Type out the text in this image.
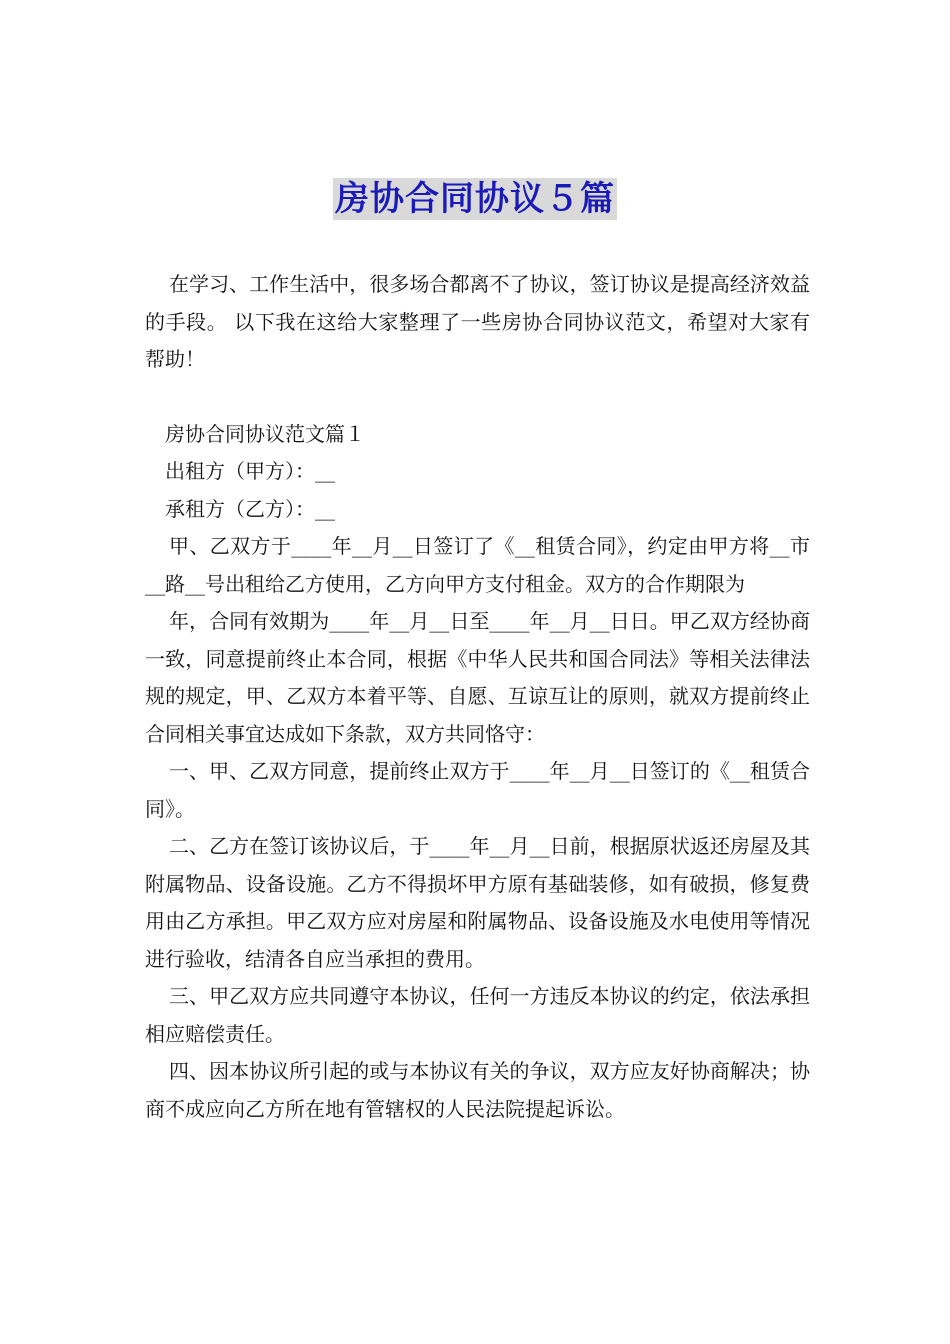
房协合同协议５篇

在学习、工作生活中，很多场合都离不了协议，签订协议是提高经济效益的手段。 以下我在这给大家整理了一些房协合同协议范文，希望对大家有帮助！

房协合同协议范文篇１

出租方（甲方）：__

承租方（乙方）：__

甲、乙双方于____年__月__日签订了《__租赁合同》，约定由甲方将__市__路__号出租给乙方使用，乙方向甲方支付租金。双方的合作期限为

年，合同有效期为____年__月__日至____年__月__日日。甲乙双方经协商一致，同意提前终止本合同，根据《中华人民共和国合同法》等相关法律法规的规定，甲、乙双方本着平等、自愿、互谅互让的原则，就双方提前终止合同相关事宜达成如下条款，双方共同恪守：

一、甲、乙双方同意，提前终止双方于____年__月__日签订的《__租赁合同》。

二、乙方在签订该协议后，于____年__月__日前，根据原状返还房屋及其附属物品、设备设施。乙方不得损坏甲方原有基础装修，如有破损，修复费用由乙方承担。甲乙双方应对房屋和附属物品、设备设施及水电使用等情况进行验收，结清各自应当承担的费用。

三、甲乙双方应共同遵守本协议，任何一方违反本协议的约定，依法承担相应赔偿责任。

四、因本协议所引起的或与本协议有关的争议，双方应友好协商解决；协商不成应向乙方所在地有管辖权的人民法院提起诉讼。
